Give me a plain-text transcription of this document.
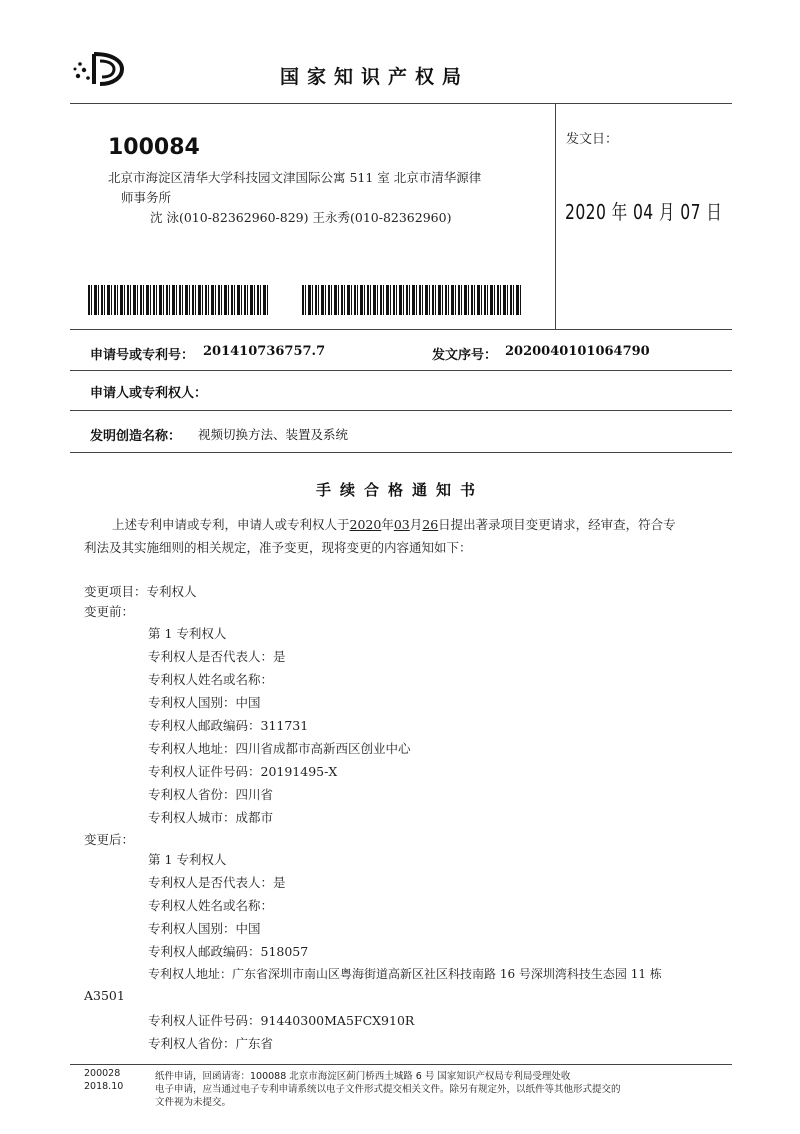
国家知识产权局
100084
北京市海淀区清华大学科技园文津国际公寓 511 室 北京市清华源律
师事务所
沈 泳(010-82362960-829) 王永秀(010-82362960)
发文日：
2020 年 04 月 07 日
申请号或专利号： 201410736757.7	发文序号： 2020040101064790
申请人或专利权人：
发明创造名称： 视频切换方法、装置及系统
手续合格通知书
上述专利申请或专利，申请人或专利权人于2020年03月26日提出著录项目变更请求，经审查，符合专
利法及其实施细则的相关规定，准予变更，现将变更的内容通知如下：
变更项目：专利权人
变更前：
第 1 专利权人
专利权人是否代表人：是
专利权人姓名或名称：
专利权人国别：中国
专利权人邮政编码：311731
专利权人地址：四川省成都市高新西区创业中心
专利权人证件号码：20191495-X
专利权人省份：四川省
专利权人城市：成都市
变更后：
第 1 专利权人
专利权人是否代表人：是
专利权人姓名或名称：
专利权人国别：中国
专利权人邮政编码：518057
专利权人地址：广东省深圳市南山区粤海街道高新区社区科技南路 16 号深圳湾科技生态园 11 栋
A3501
专利权人证件号码：91440300MA5FCX910R
专利权人省份：广东省
200028
2018.10
纸件申请，回函请寄：100088 北京市海淀区蓟门桥西土城路 6 号 国家知识产权局专利局受理处收
电子申请，应当通过电子专利申请系统以电子文件形式提交相关文件。除另有规定外，以纸件等其他形式提交的
文件视为未提交。
